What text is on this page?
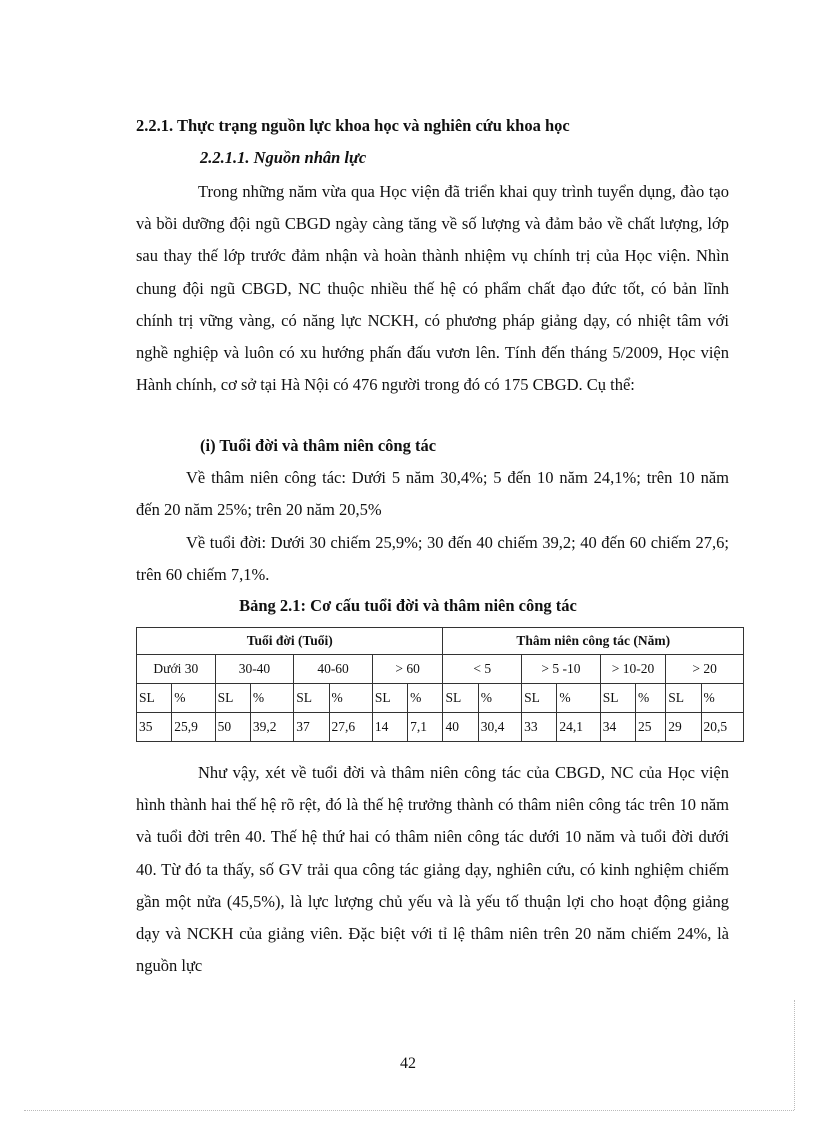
2.2.1. Thực trạng nguồn lực khoa học và nghiên cứu khoa học
2.2.1.1. Nguồn nhân lực

Trong những năm vừa qua Học viện đã triển khai quy trình tuyển dụng, đào tạo và bồi dưỡng đội ngũ CBGD ngày càng tăng về số lượng và đảm bảo về chất lượng, lớp sau thay thế lớp trước đảm nhận và hoàn thành nhiệm vụ chính trị của Học viện. Nhìn chung đội ngũ CBGD, NC thuộc nhiều thế hệ có phẩm chất đạo đức tốt, có bản lĩnh chính trị vững vàng, có năng lực NCKH, có phương pháp giảng dạy, có nhiệt tâm với nghề nghiệp và luôn có xu hướng phấn đấu vươn lên. Tính đến tháng 5/2009, Học viện Hành chính, cơ sở tại Hà Nội có 476 người trong đó có 175 CBGD. Cụ thể:

(i) Tuổi đời và thâm niên công tác

Về thâm niên công tác: Dưới 5 năm 30,4%; 5 đến 10 năm 24,1%; trên 10 năm đến 20 năm 25%; trên 20 năm 20,5%

Về tuổi đời: Dưới 30 chiếm 25,9%; 30 đến 40 chiếm 39,2; 40 đến 60 chiếm 27,6; trên 60 chiếm 7,1%.

Bảng 2.1: Cơ cấu tuổi đời và thâm niên công tác
Tuổi đời (Tuổi)								Thâm niên công tác (Năm)							
Dưới 30		30-40		40-60		> 60		< 5		> 5 -10		> 10-20		> 20	
SL	%	SL	%	SL	%	SL	%	SL	%	SL	%	SL	%	SL	%
35	25,9	50	39,2	37	27,6	14	7,1	40	30,4	33	24,1	34	25	29	20,5

Như vậy, xét về tuổi đời và thâm niên công tác của CBGD, NC của Học viện hình thành hai thế hệ rõ rệt, đó là thế hệ trưởng thành có thâm niên công tác trên 10 năm và tuổi đời trên 40. Thế hệ thứ hai có thâm niên công tác dưới 10 năm và tuổi đời dưới 40. Từ đó ta thấy, số GV trải qua công tác giảng dạy, nghiên cứu, có kinh nghiệm chiếm gần một nửa (45,5%), là lực lượng chủ yếu và là yếu tố thuận lợi cho hoạt động giảng dạy và NCKH của giảng viên. Đặc biệt với tỉ lệ thâm niên trên 20 năm chiếm 24%, là nguồn lực

42
